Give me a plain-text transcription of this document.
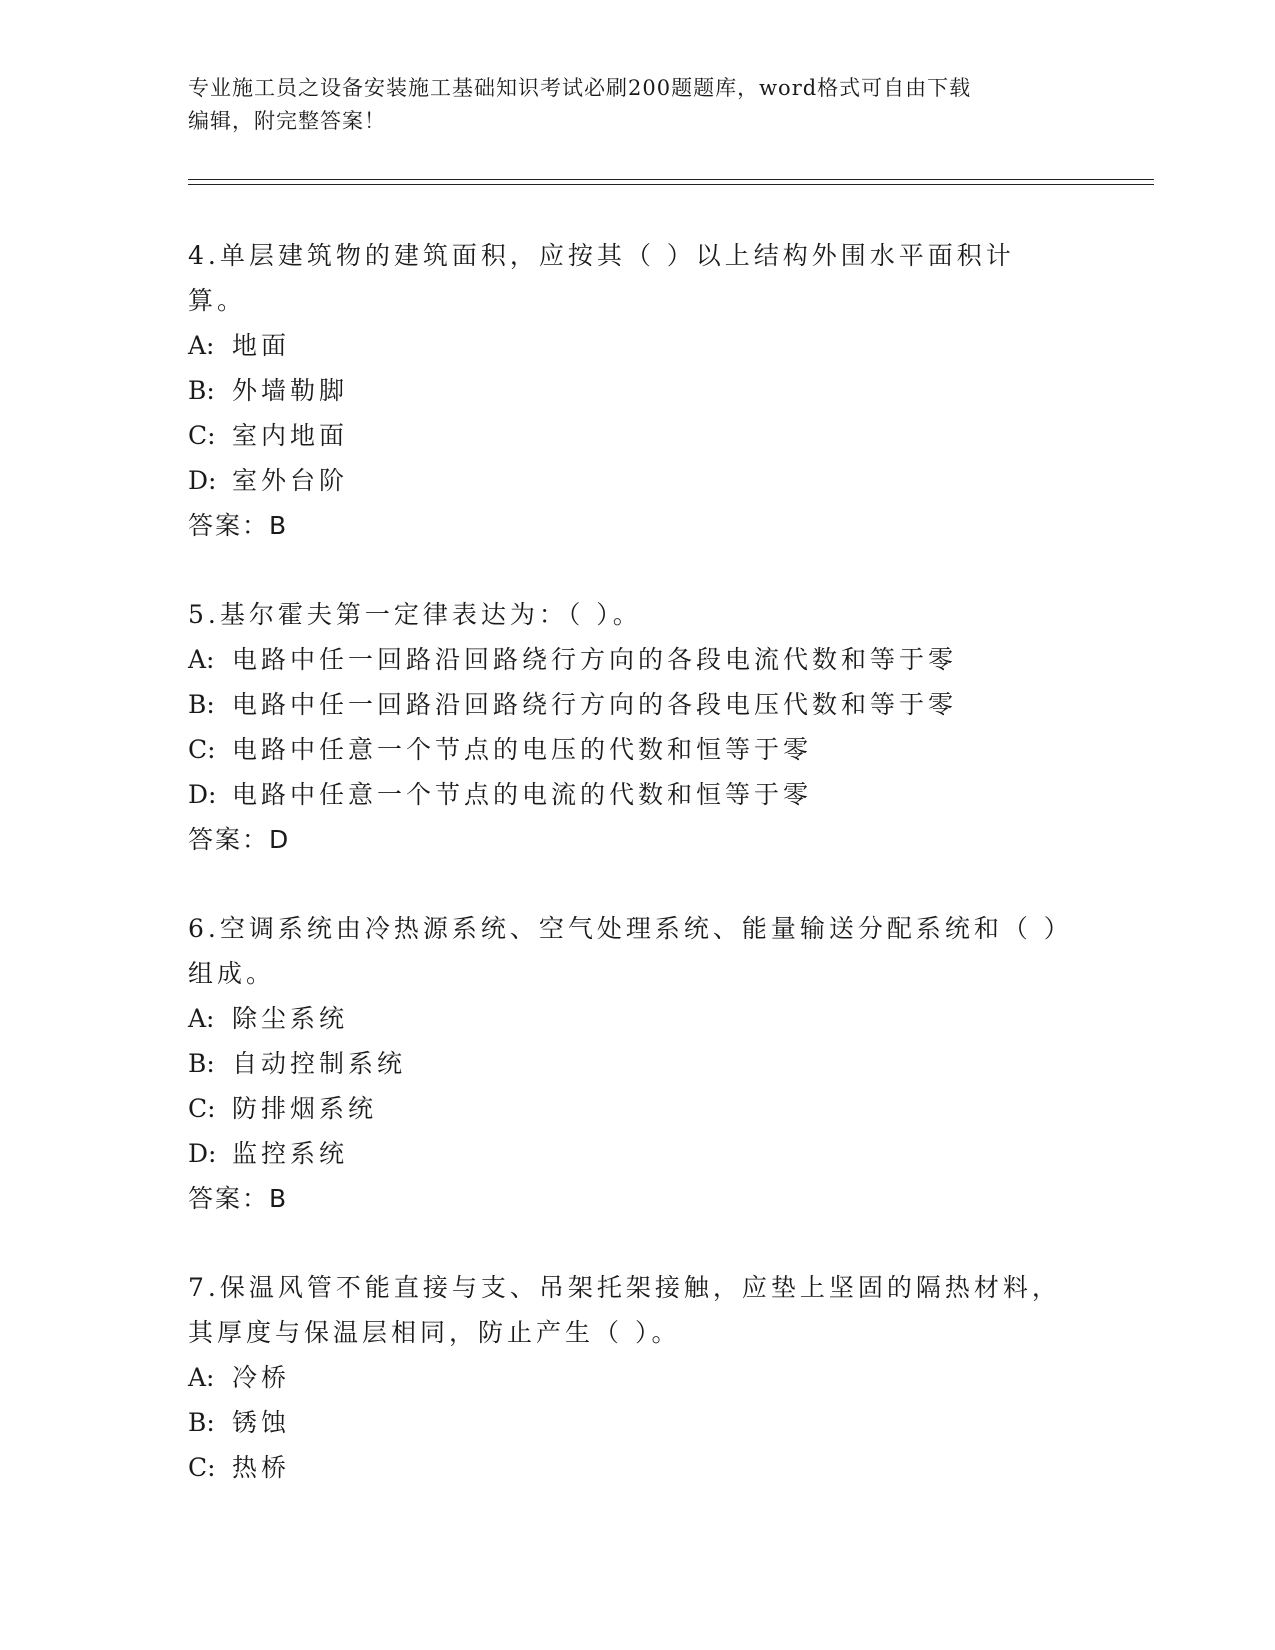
专业施工员之设备安装施工基础知识考试必刷200题题库，word格式可自由下载
编辑，附完整答案！
4.单层建筑物的建筑面积，应按其（ ）以上结构外围水平面积计算。
A: 地面
B: 外墙勒脚
C: 室内地面
D: 室外台阶
答案：B
5.基尔霍夫第一定律表达为：（ ）。
A: 电路中任一回路沿回路绕行方向的各段电流代数和等于零
B: 电路中任一回路沿回路绕行方向的各段电压代数和等于零
C: 电路中任意一个节点的电压的代数和恒等于零
D: 电路中任意一个节点的电流的代数和恒等于零
答案：D
6.空调系统由冷热源系统、空气处理系统、能量输送分配系统和（ ）组成。
A: 除尘系统
B: 自动控制系统
C: 防排烟系统
D: 监控系统
答案：B
7.保温风管不能直接与支、吊架托架接触，应垫上坚固的隔热材料，其厚度与保温层相同，防止产生（ ）。
A: 冷桥
B: 锈蚀
C: 热桥
